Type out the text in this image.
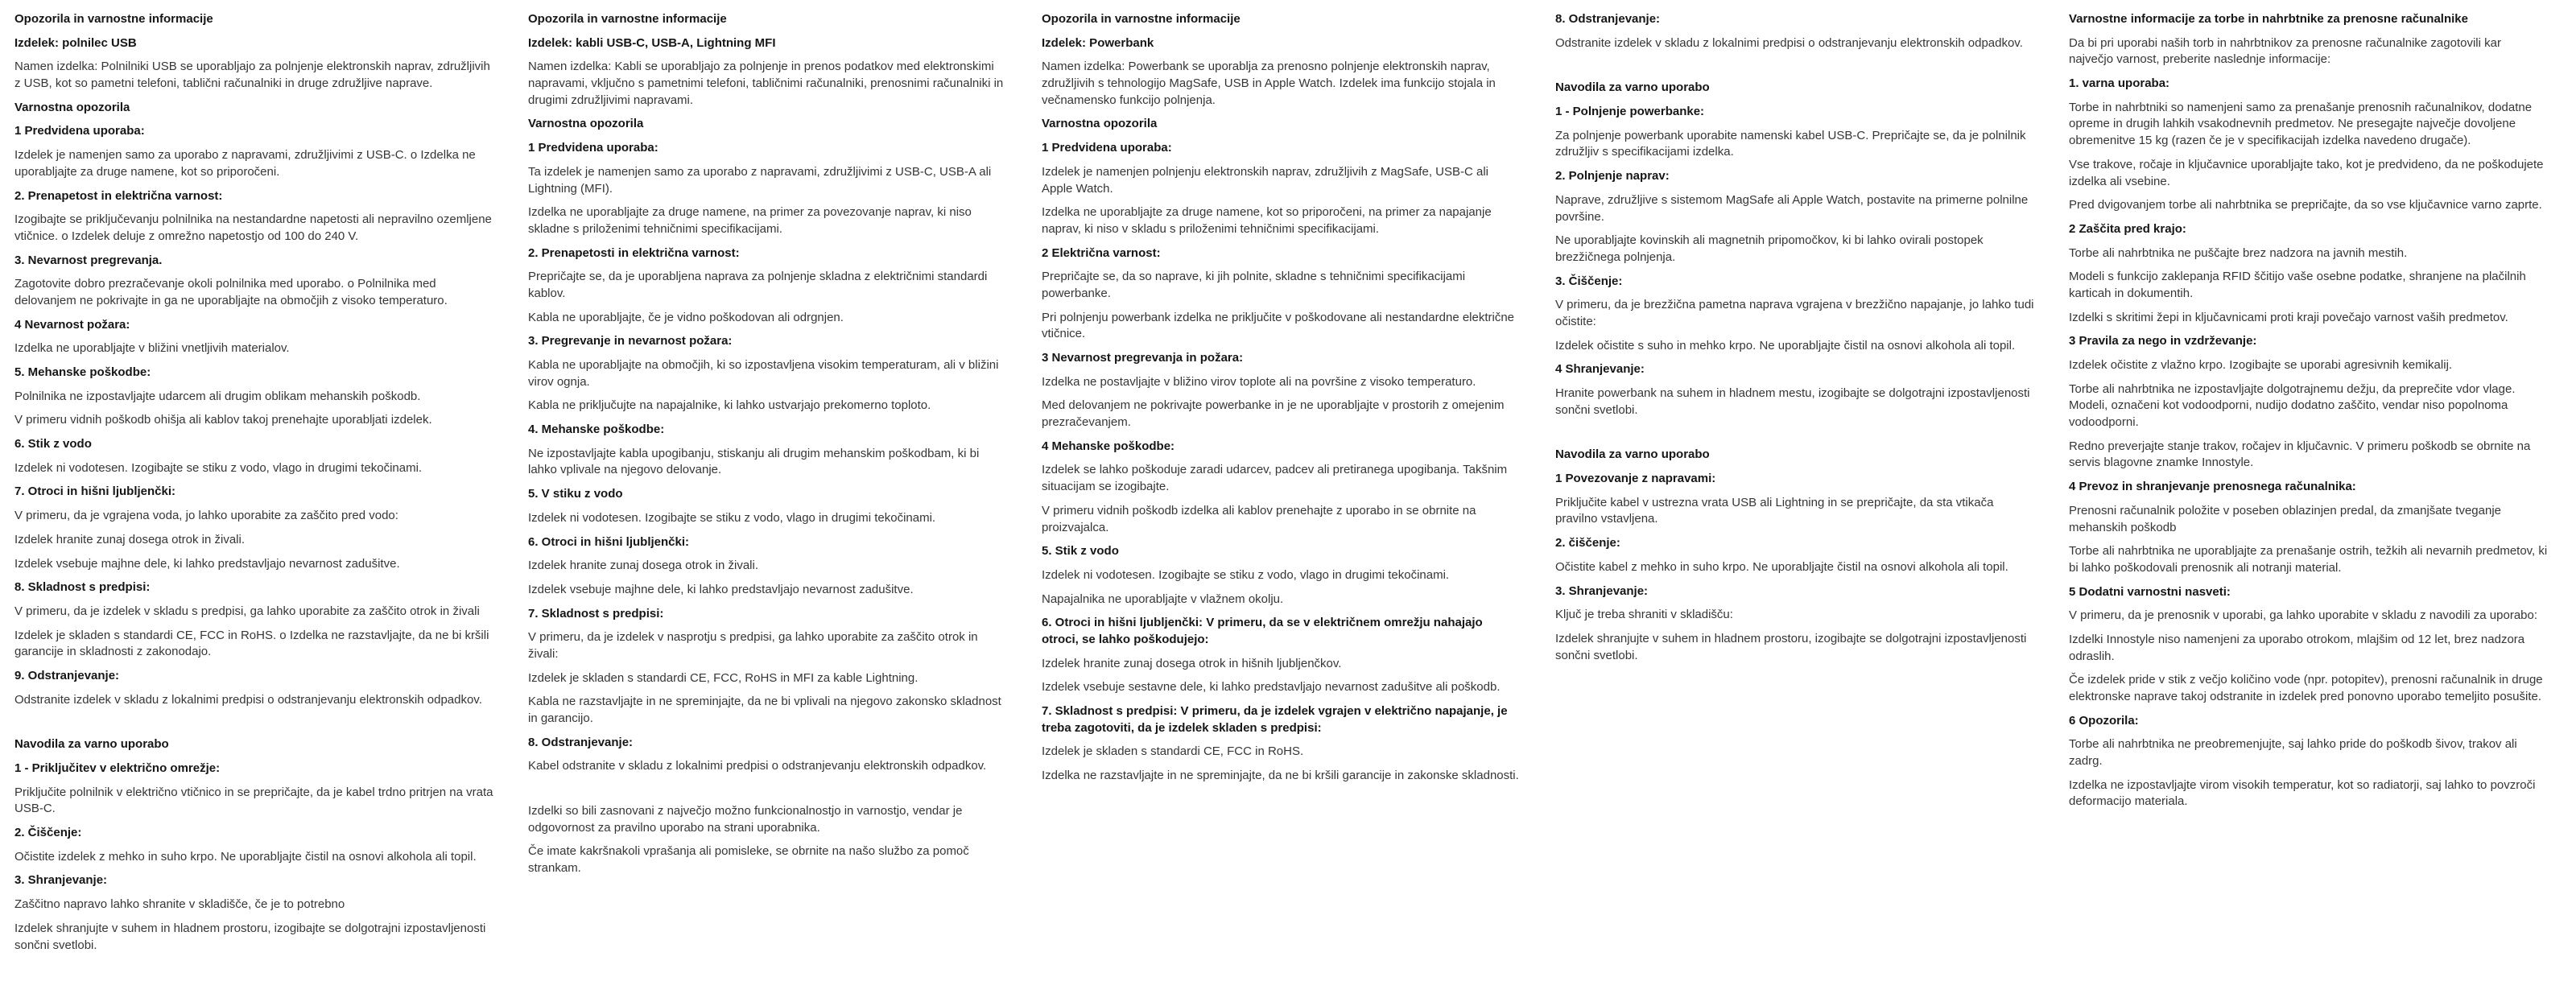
Opozorila in varnostne informacije
Izdelek: polnilec USB

Namen izdelka: Polnilniki USB se uporabljajo za polnjenje elektronskih naprav, združljivih z USB, kot so pametni telefoni, tablični računalniki in druge združljive naprave.

Varnostna opozorila
1 Predvidena uporaba:

Izdelek je namenjen samo za uporabo z napravami, združljivimi z USB-C. o Izdelka ne uporabljajte za druge namene, kot so priporočeni.

2. Prenapetost in električna varnost:

Izogibajte se priključevanju polnilnika na nestandardne napetosti ali nepravilno ozemljene vtičnice. o Izdelek deluje z omrežno napetostjo od 100 do 240 V.

3. Nevarnost pregrevanja.

Zagotovite dobro prezračevanje okoli polnilnika med uporabo. o Polnilnika med delovanjem ne pokrivajte in ga ne uporabljajte na območjih z visoko temperaturo.

4 Nevarnost požara:

Izdelka ne uporabljajte v bližini vnetljivih materialov.

5. Mehanske poškodbe:

Polnilnika ne izpostavljajte udarcem ali drugim oblikam mehanskih poškodb.

V primeru vidnih poškodb ohišja ali kablov takoj prenehajte uporabljati izdelek.

6. Stik z vodo

Izdelek ni vodotesen. Izogibajte se stiku z vodo, vlago in drugimi tekočinami.

7. Otroci in hišni ljubljenčki:

V primeru, da je vgrajena voda, jo lahko uporabite za zaščito pred vodo:

Izdelek hranite zunaj dosega otrok in živali.

Izdelek vsebuje majhne dele, ki lahko predstavljajo nevarnost zadušitve.

8. Skladnost s predpisi:

V primeru, da je izdelek v skladu s predpisi, ga lahko uporabite za zaščito otrok in živali

Izdelek je skladen s standardi CE, FCC in RoHS. o Izdelka ne razstavljajte, da ne bi kršili garancije in skladnosti z zakonodajo.

9. Odstranjevanje:

Odstranite izdelek v skladu z lokalnimi predpisi o odstranjevanju elektronskih odpadkov.

Navodila za varno uporabo
1 - Priključitev v električno omrežje:

Priključite polnilnik v električno vtičnico in se prepričajte, da je kabel trdno pritrjen na vrata USB-C.

2. Čiščenje:

Očistite izdelek z mehko in suho krpo. Ne uporabljajte čistil na osnovi alkohola ali topil.

3. Shranjevanje:

Zaščitno napravo lahko shranite v skladišče, če je to potrebno

Izdelek shranjujte v suhem in hladnem prostoru, izogibajte se dolgotrajni izpostavljenosti sončni svetlobi.

Opozorila in varnostne informacije
Izdelek: kabli USB-C, USB-A, Lightning MFI

Namen izdelka: Kabli se uporabljajo za polnjenje in prenos podatkov med elektronskimi napravami, vključno s pametnimi telefoni, tabličnimi računalniki, prenosnimi računalniki in drugimi združljivimi napravami.

Varnostna opozorila
1 Predvidena uporaba:

Ta izdelek je namenjen samo za uporabo z napravami, združljivimi z USB-C, USB-A ali Lightning (MFI).

Izdelka ne uporabljajte za druge namene, na primer za povezovanje naprav, ki niso skladne s priloženimi tehničnimi specifikacijami.

2. Prenapetosti in električna varnost:

Prepričajte se, da je uporabljena naprava za polnjenje skladna z električnimi standardi kablov.

Kabla ne uporabljajte, če je vidno poškodovan ali odrgnjen.

3. Pregrevanje in nevarnost požara:

Kabla ne uporabljajte na območjih, ki so izpostavljena visokim temperaturam, ali v bližini virov ognja.

Kabla ne priključujte na napajalnike, ki lahko ustvarjajo prekomerno toploto.

4. Mehanske poškodbe:

Ne izpostavljajte kabla upogibanju, stiskanju ali drugim mehanskim poškodbam, ki bi lahko vplivale na njegovo delovanje.

5. V stiku z vodo

Izdelek ni vodotesen. Izogibajte se stiku z vodo, vlago in drugimi tekočinami.

6. Otroci in hišni ljubljenčki:

Izdelek hranite zunaj dosega otrok in živali.

Izdelek vsebuje majhne dele, ki lahko predstavljajo nevarnost zadušitve.

7. Skladnost s predpisi:

V primeru, da je izdelek v nasprotju s predpisi, ga lahko uporabite za zaščito otrok in živali:

Izdelek je skladen s standardi CE, FCC, RoHS in MFI za kable Lightning.

Kabla ne razstavljajte in ne spreminjajte, da ne bi vplivali na njegovo zakonsko skladnost in garancijo.

8. Odstranjevanje:

Kabel odstranite v skladu z lokalnimi predpisi o odstranjevanju elektronskih odpadkov.

Izdelki so bili zasnovani z največjo možno funkcionalnostjo in varnostjo, vendar je odgovornost za pravilno uporabo na strani uporabnika.

Če imate kakršnakoli vprašanja ali pomisleke, se obrnite na našo službo za pomoč strankam.

Opozorila in varnostne informacije
Izdelek: Powerbank

Namen izdelka: Powerbank se uporablja za prenosno polnjenje elektronskih naprav, združljivih s tehnologijo MagSafe, USB in Apple Watch. Izdelek ima funkcijo stojala in večnamensko funkcijo polnjenja.

Varnostna opozorila
1 Predvidena uporaba:

Izdelek je namenjen polnjenju elektronskih naprav, združljivih z MagSafe, USB-C ali Apple Watch.

Izdelka ne uporabljajte za druge namene, kot so priporočeni, na primer za napajanje naprav, ki niso v skladu s priloženimi tehničnimi specifikacijami.

2 Električna varnost:

Prepričajte se, da so naprave, ki jih polnite, skladne s tehničnimi specifikacijami powerbanke.

Pri polnjenju powerbank izdelka ne priključite v poškodovane ali nestandardne električne vtičnice.

3 Nevarnost pregrevanja in požara:

Izdelka ne postavljajte v bližino virov toplote ali na površine z visoko temperaturo.

Med delovanjem ne pokrivajte powerbanke in je ne uporabljajte v prostorih z omejenim prezračevanjem.

4 Mehanske poškodbe:

Izdelek se lahko poškoduje zaradi udarcev, padcev ali pretiranega upogibanja. Takšnim situacijam se izogibajte.

V primeru vidnih poškodb izdelka ali kablov prenehajte z uporabo in se obrnite na proizvajalca.

5. Stik z vodo

Izdelek ni vodotesen. Izogibajte se stiku z vodo, vlago in drugimi tekočinami.

Napajalnika ne uporabljajte v vlažnem okolju.

6. Otroci in hišni ljubljenčki: V primeru, da se v električnem omrežju nahajajo otroci, se lahko poškodujejo:

Izdelek hranite zunaj dosega otrok in hišnih ljubljenčkov.

Izdelek vsebuje sestavne dele, ki lahko predstavljajo nevarnost zadušitve ali poškodb.

7. Skladnost s predpisi: V primeru, da je izdelek vgrajen v električno napajanje, je treba zagotoviti, da je izdelek skladen s predpisi:

Izdelek je skladen s standardi CE, FCC in RoHS.

Izdelka ne razstavljajte in ne spreminjajte, da ne bi kršili garancije in zakonske skladnosti.

8. Odstranjevanje:

Odstranite izdelek v skladu z lokalnimi predpisi o odstranjevanju elektronskih odpadkov.

Navodila za varno uporabo
1 - Polnjenje powerbanke:

Za polnjenje powerbank uporabite namenski kabel USB-C. Prepričajte se, da je polnilnik združljiv s specifikacijami izdelka.

2. Polnjenje naprav:

Naprave, združljive s sistemom MagSafe ali Apple Watch, postavite na primerne polnilne površine.

Ne uporabljajte kovinskih ali magnetnih pripomočkov, ki bi lahko ovirali postopek brezžičnega polnjenja.

3. Čiščenje:

V primeru, da je brezžična pametna naprava vgrajena v brezžično napajanje, jo lahko tudi očistite:

Izdelek očistite s suho in mehko krpo. Ne uporabljajte čistil na osnovi alkohola ali topil.

4 Shranjevanje:

Hranite powerbank na suhem in hladnem mestu, izogibajte se dolgotrajni izpostavljenosti sončni svetlobi.

Navodila za varno uporabo
1 Povezovanje z napravami:

Priključite kabel v ustrezna vrata USB ali Lightning in se prepričajte, da sta vtikača pravilno vstavljena.

2. čiščenje:

Očistite kabel z mehko in suho krpo. Ne uporabljajte čistil na osnovi alkohola ali topil.

3. Shranjevanje:

Ključ je treba shraniti v skladišču:

Izdelek shranjujte v suhem in hladnem prostoru, izogibajte se dolgotrajni izpostavljenosti sončni svetlobi.

Varnostne informacije za torbe in nahrbtnike za prenosne računalnike

Da bi pri uporabi naših torb in nahrbtnikov za prenosne računalnike zagotovili kar največjo varnost, preberite naslednje informacije:

1. varna uporaba:

Torbe in nahrbtniki so namenjeni samo za prenašanje prenosnih računalnikov, dodatne opreme in drugih lahkih vsakodnevnih predmetov. Ne presegajte največje dovoljene obremenitve 15 kg (razen če je v specifikacijah izdelka navedeno drugače).

Vse trakove, ročaje in ključavnice uporabljajte tako, kot je predvideno, da ne poškodujete izdelka ali vsebine.

Pred dvigovanjem torbe ali nahrbtnika se prepričajte, da so vse ključavnice varno zaprte.

2 Zaščita pred krajo:

Torbe ali nahrbtnika ne puščajte brez nadzora na javnih mestih.

Modeli s funkcijo zaklepanja RFID ščitijo vaše osebne podatke, shranjene na plačilnih karticah in dokumentih.

Izdelki s skritimi žepi in ključavnicami proti kraji povečajo varnost vaših predmetov.

3 Pravila za nego in vzdrževanje:

Izdelek očistite z vlažno krpo. Izogibajte se uporabi agresivnih kemikalij.

Torbe ali nahrbtnika ne izpostavljajte dolgotrajnemu dežju, da preprečite vdor vlage. Modeli, označeni kot vodoodporni, nudijo dodatno zaščito, vendar niso popolnoma vodoodporni.

Redno preverjajte stanje trakov, ročajev in ključavnic. V primeru poškodb se obrnite na servis blagovne znamke Innostyle.

4 Prevoz in shranjevanje prenosnega računalnika:

Prenosni računalnik položite v poseben oblazinjen predal, da zmanjšate tveganje mehanskih poškodb

Torbe ali nahrbtnika ne uporabljajte za prenašanje ostrih, težkih ali nevarnih predmetov, ki bi lahko poškodovali prenosnik ali notranji material.

5 Dodatni varnostni nasveti:

V primeru, da je prenosnik v uporabi, ga lahko uporabite v skladu z navodili za uporabo:

Izdelki Innostyle niso namenjeni za uporabo otrokom, mlajšim od 12 let, brez nadzora odraslih.

Če izdelek pride v stik z večjo količino vode (npr. potopitev), prenosni računalnik in druge elektronske naprave takoj odstranite in izdelek pred ponovno uporabo temeljito posušite.

6 Opozorila:

Torbe ali nahrbtnika ne preobremenjujte, saj lahko pride do poškodb šivov, trakov ali zadrg.

Izdelka ne izpostavljajte virom visokih temperatur, kot so radiatorji, saj lahko to povzroči deformacijo materiala.
